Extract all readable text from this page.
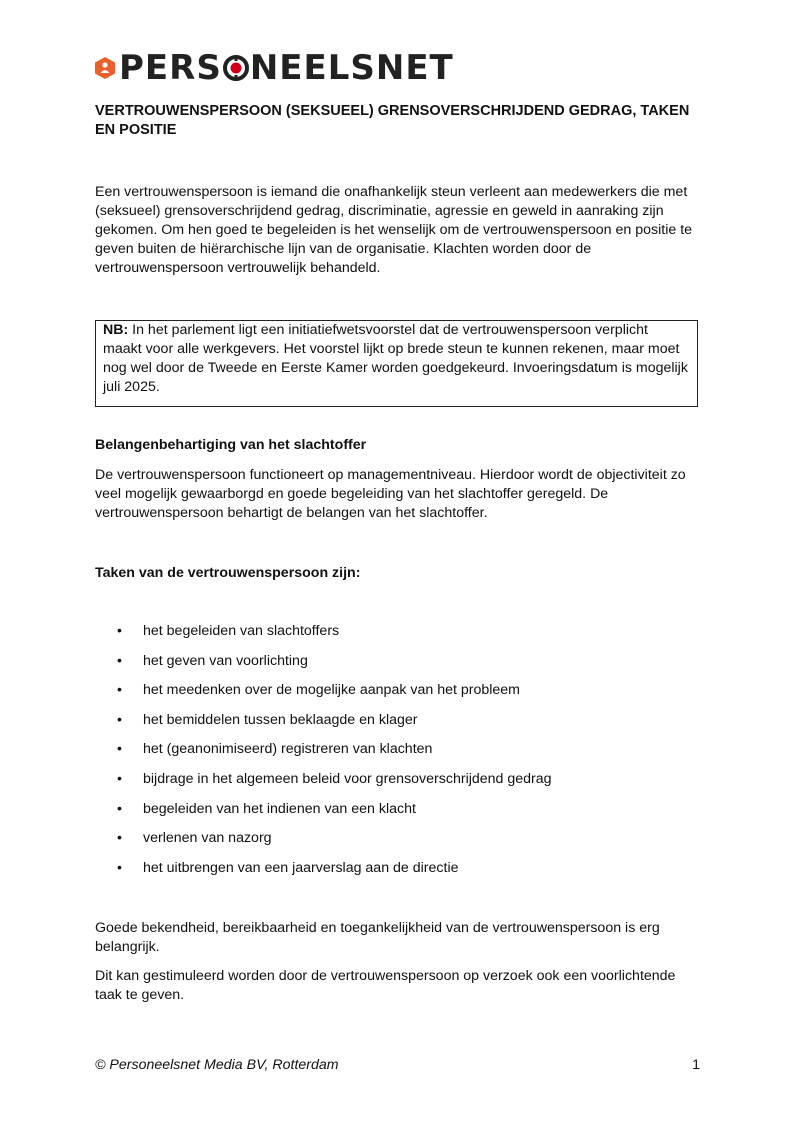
PERS NEELSNET
VERTROUWENSPERSOON (SEKSUEEL) GRENSOVERSCHRIJDEND GEDRAG, TAKEN EN POSITIE
Een vertrouwenspersoon is iemand die onafhankelijk steun verleent aan medewerkers die met (seksueel) grensoverschrijdend gedrag, discriminatie, agressie en geweld in aanraking zijn gekomen. Om hen goed te begeleiden is het wenselijk om de vertrouwenspersoon en positie te geven buiten de hiërarchische lijn van de organisatie. Klachten worden door de vertrouwenspersoon vertrouwelijk behandeld.
NB: In het parlement ligt een initiatiefwetsvoorstel dat de vertrouwenspersoon verplicht maakt voor alle werkgevers. Het voorstel lijkt op brede steun te kunnen rekenen, maar moet nog wel door de Tweede en Eerste Kamer worden goedgekeurd. Invoeringsdatum is mogelijk juli 2025.
Belangenbehartiging van het slachtoffer
De vertrouwenspersoon functioneert op managementniveau. Hierdoor wordt de objectiviteit zo veel mogelijk gewaarborgd en goede begeleiding van het slachtoffer geregeld. De vertrouwenspersoon behartigt de belangen van het slachtoffer.
Taken van de vertrouwenspersoon zijn:
• het begeleiden van slachtoffers
• het geven van voorlichting
• het meedenken over de mogelijke aanpak van het probleem
• het bemiddelen tussen beklaagde en klager
• het (geanonimiseerd) registreren van klachten
• bijdrage in het algemeen beleid voor grensoverschrijdend gedrag
• begeleiden van het indienen van een klacht
• verlenen van nazorg
• het uitbrengen van een jaarverslag aan de directie
Goede bekendheid, bereikbaarheid en toegankelijkheid van de vertrouwenspersoon is erg belangrijk.
Dit kan gestimuleerd worden door de vertrouwenspersoon op verzoek ook een voorlichtende taak te geven.
© Personeelsnet Media BV, Rotterdam	1
